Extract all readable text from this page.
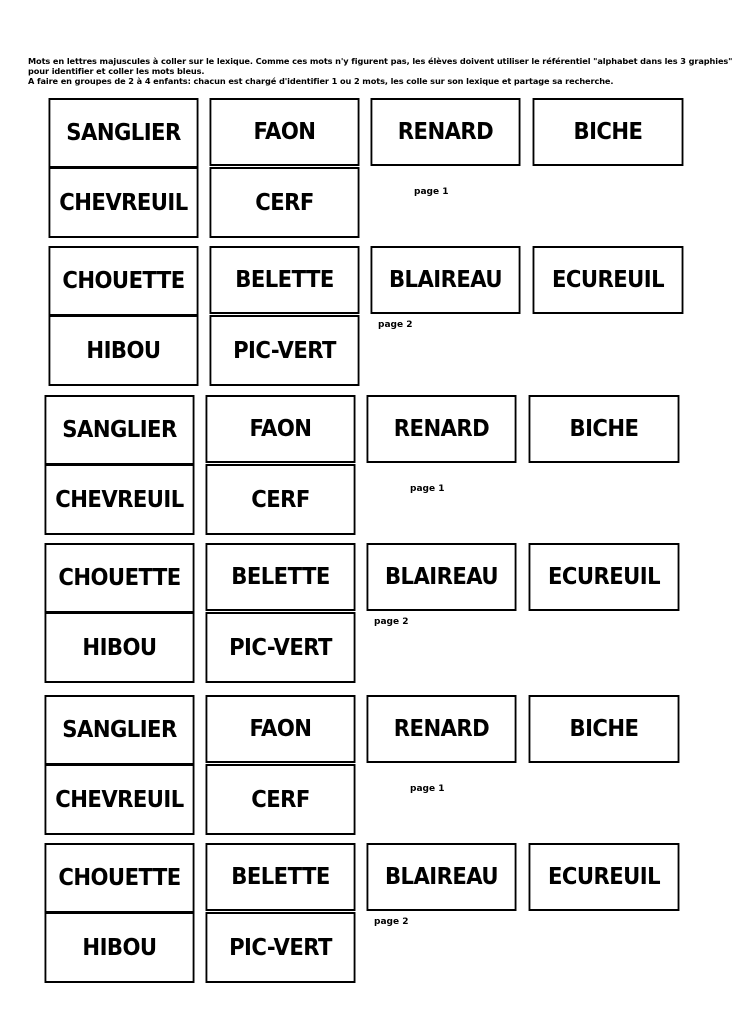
Mots en lettres majuscules à coller sur le lexique. Comme ces mots n'y figurent pas, les élèves doivent utiliser le référentiel "alphabet dans les 3 graphies"
pour identifier et coller les mots bleus.
A faire en groupes de 2 à 4 enfants: chacun est chargé d'identifier 1 ou 2 mots, les colle sur son lexique et partage sa recherche.
SANGLIER	FAON	RENARD	BICHE
CHEVREUIL	CERF	page 1
CHOUETTE BELETTE BLAIREAU ECUREUIL
HIBOU	PIC-VERT
page 2
SANGLIER	FAON	RENARD	BICHE
CHEVREUIL	CERF	page 1
CHOUETTE BELETTE BLAIREAU ECUREUIL
HIBOU	PIC-VERT
page 2
SANGLIER	FAON	RENARD	BICHE
CHEVREUIL	CERF	page 1
CHOUETTE BELETTE BLAIREAU ECUREUIL
HIBOU	PIC-VERT
page 2
